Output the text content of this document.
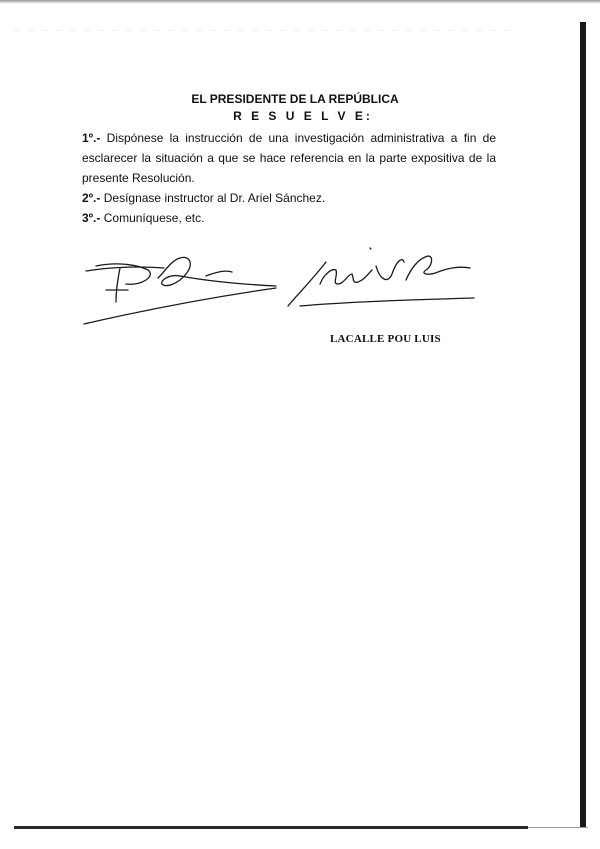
EL PRESIDENTE DE LA REPÚBLICA
R E S U E L V E:

1º.- Dispónese la instrucción de una investigación administrativa a fin de esclarecer la situación a que se hace referencia en la parte expositiva de la presente Resolución.

2º.- Desígnase instructor al Dr. Ariel Sánchez.

3º.- Comuníquese, etc.

LACALLE POU LUIS
